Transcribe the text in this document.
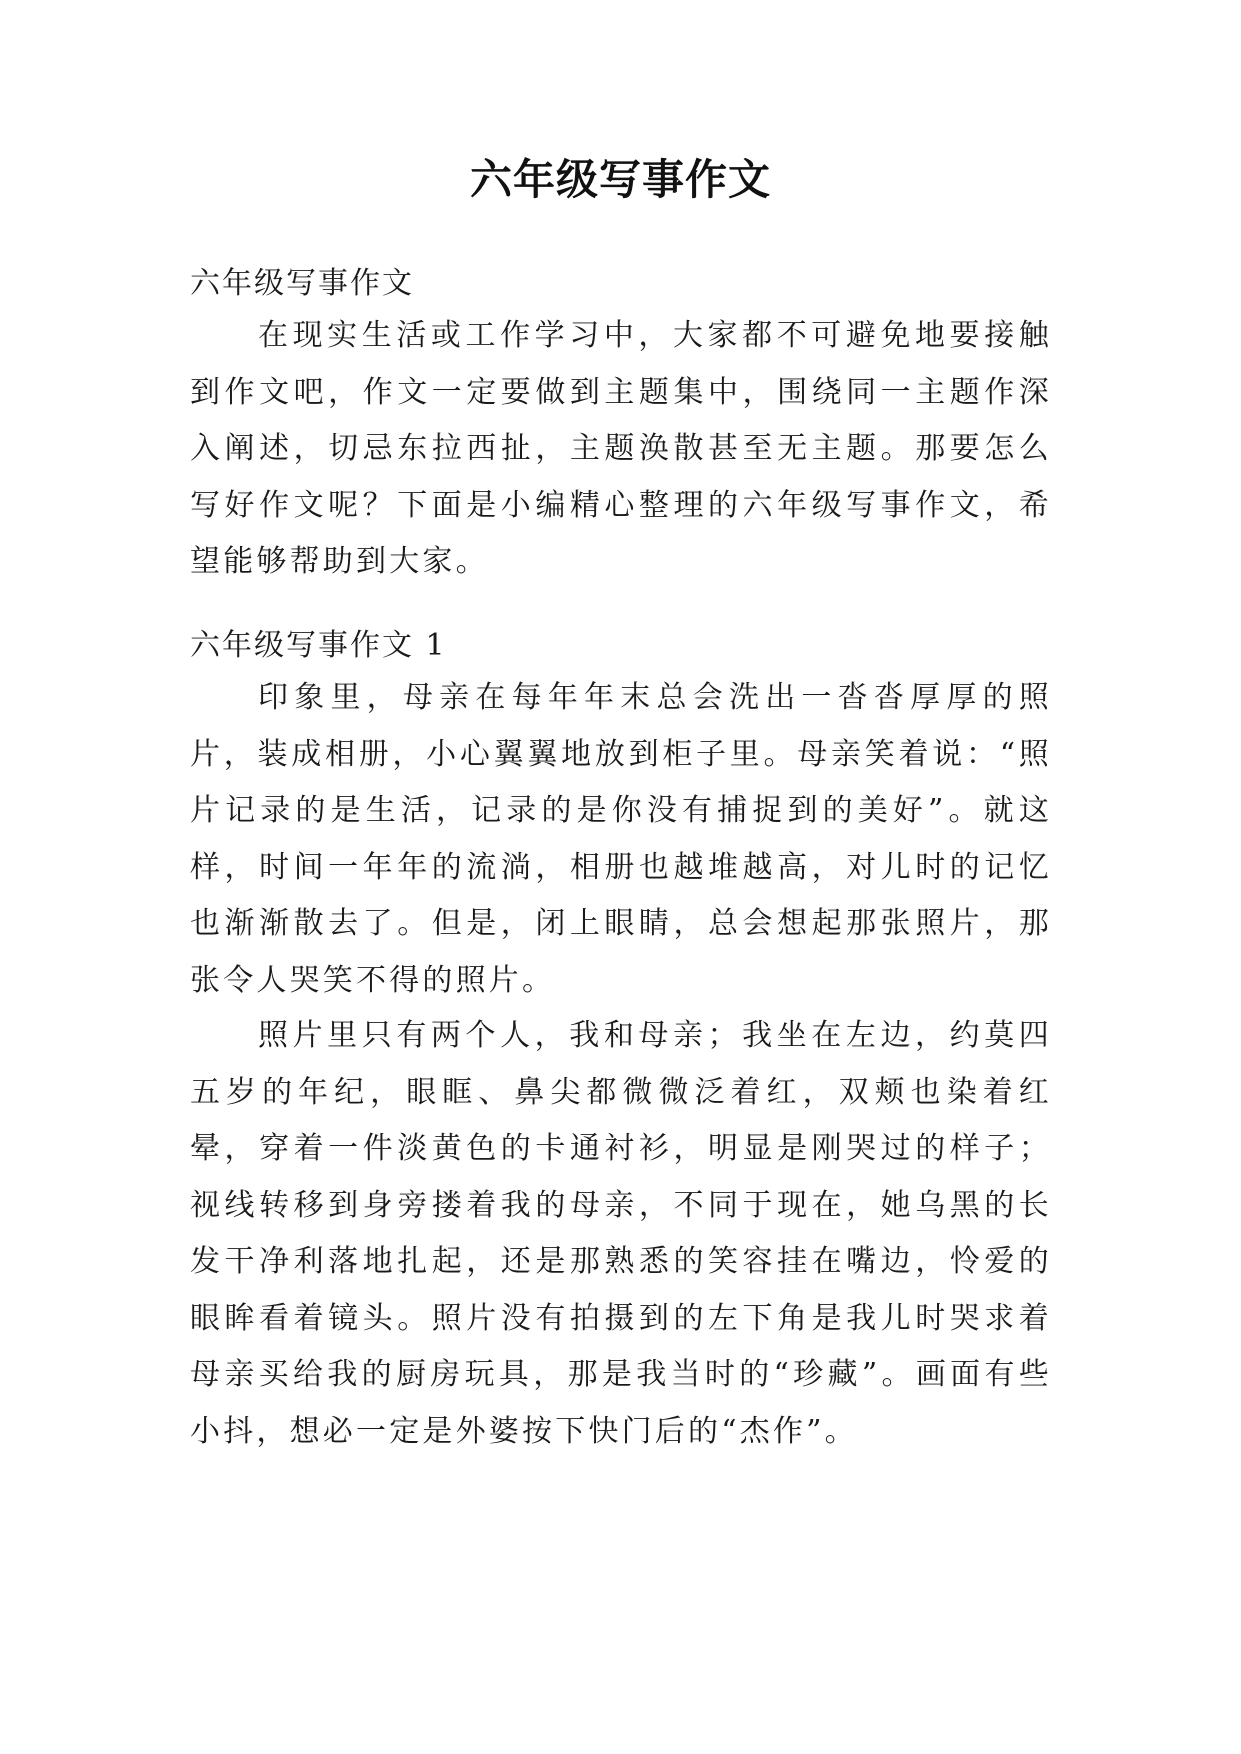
六年级写事作文
六年级写事作文

在现实生活或工作学习中，大家都不可避免地要接触到作文吧，作文一定要做到主题集中，围绕同一主题作深入阐述，切忌东拉西扯，主题涣散甚至无主题。那要怎么写好作文呢？下面是小编精心整理的六年级写事作文，希望能够帮助到大家。

六年级写事作文 1

印象里，母亲在每年年末总会洗出一沓沓厚厚的照片，装成相册，小心翼翼地放到柜子里。母亲笑着说：“照片记录的是生活，记录的是你没有捕捉到的美好”。就这样，时间一年年的流淌，相册也越堆越高，对儿时的记忆也渐渐散去了。但是，闭上眼睛，总会想起那张照片，那张令人哭笑不得的照片。

照片里只有两个人，我和母亲；我坐在左边，约莫四五岁的年纪，眼眶、鼻尖都微微泛着红，双颊也染着红晕，穿着一件淡黄色的卡通衬衫，明显是刚哭过的样子；视线转移到身旁搂着我的母亲，不同于现在，她乌黑的长发干净利落地扎起，还是那熟悉的笑容挂在嘴边，怜爱的眼眸看着镜头。照片没有拍摄到的左下角是我儿时哭求着母亲买给我的厨房玩具，那是我当时的“珍藏”。画面有些小抖，想必一定是外婆按下快门后的“杰作”。
